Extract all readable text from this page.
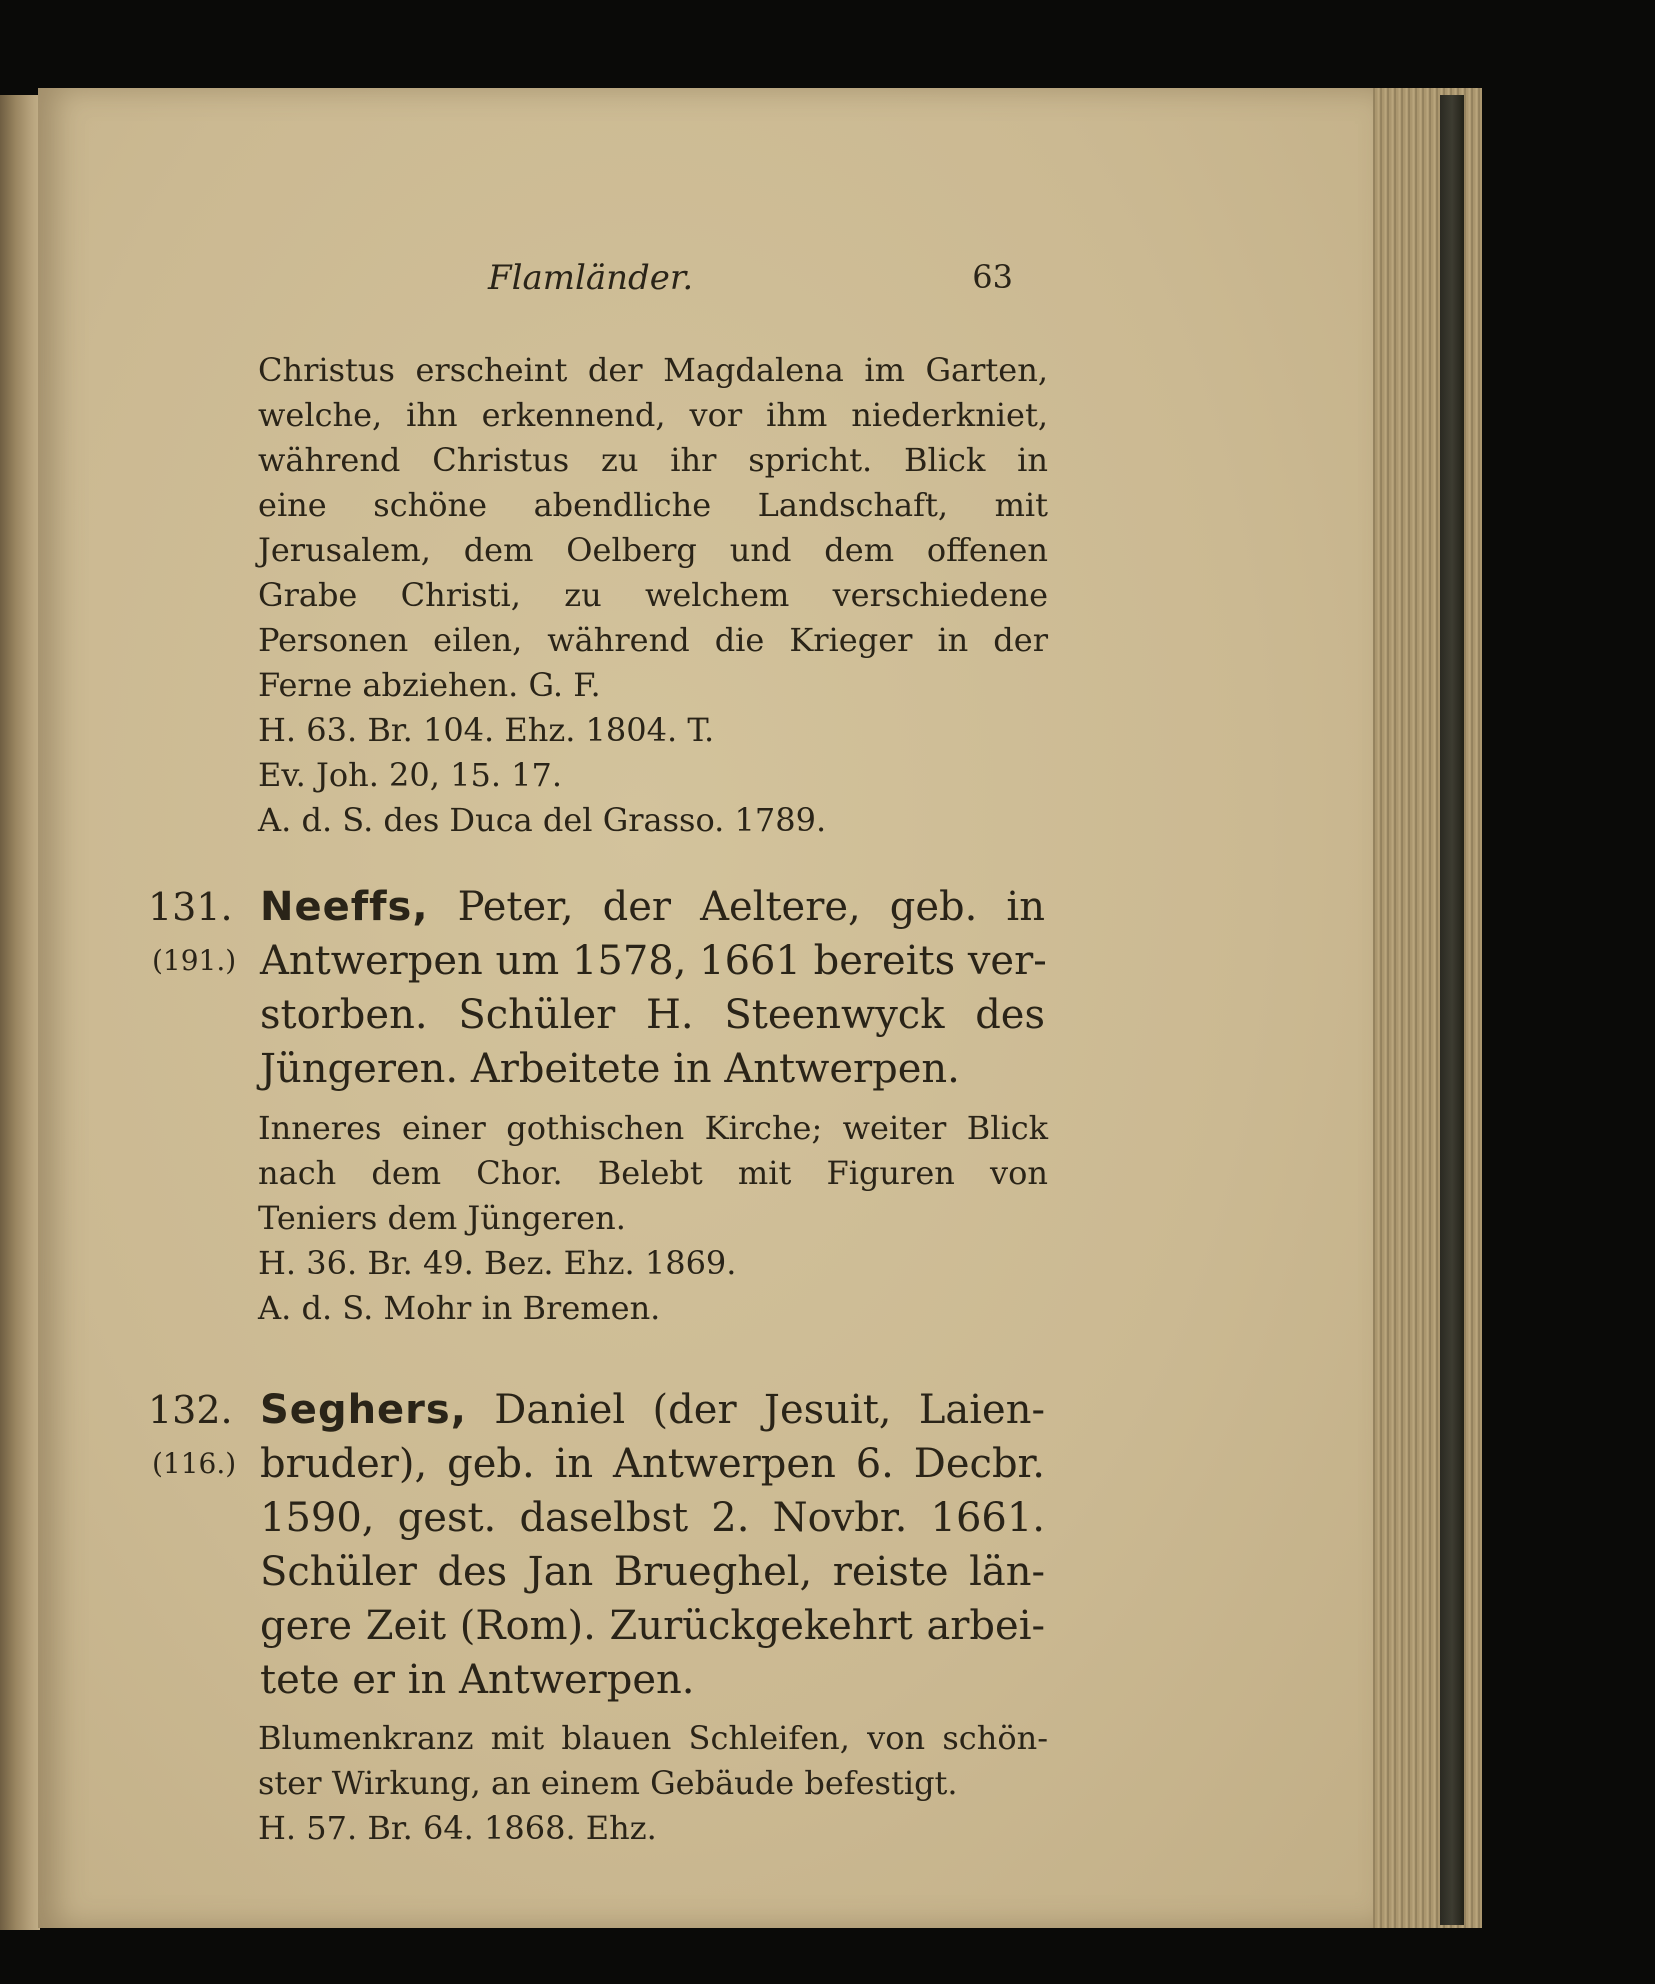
Flamländer.	63
Christus erscheint der Magdalena im Garten,
welche, ihn erkennend, vor ihm niederkniet,
während Christus zu ihr spricht. Blick in
eine schöne abendliche Landschaft, mit
Jerusalem, dem Oelberg und dem offenen
Grabe Christi, zu welchem verschiedene
Personen eilen, während die Krieger in der
Ferne abziehen. G. F.
H. 63. Br. 104. Ehz. 1804. T.
Ev. Joh. 20, 15. 17.
A. d. S. des Duca del Grasso. 1789.
131.
(191.)
Neeffs, Peter, der Aeltere, geb. in
Antwerpen um 1578, 1661 bereits ver-
storben. Schüler H. Steenwyck des
Jüngeren. Arbeitete in Antwerpen.
Inneres einer gothischen Kirche; weiter Blick
nach dem Chor. Belebt mit Figuren von
Teniers dem Jüngeren.
H. 36. Br. 49. Bez. Ehz. 1869.
A. d. S. Mohr in Bremen.
132.
(116.)
Seghers, Daniel (der Jesuit, Laien-
bruder), geb. in Antwerpen 6. Decbr.
1590, gest. daselbst 2. Novbr. 1661.
Schüler des Jan Brueghel, reiste län-
gere Zeit (Rom). Zurückgekehrt arbei-
tete er in Antwerpen.
Blumenkranz mit blauen Schleifen, von schön-
ster Wirkung, an einem Gebäude befestigt.
H. 57. Br. 64. 1868. Ehz.
